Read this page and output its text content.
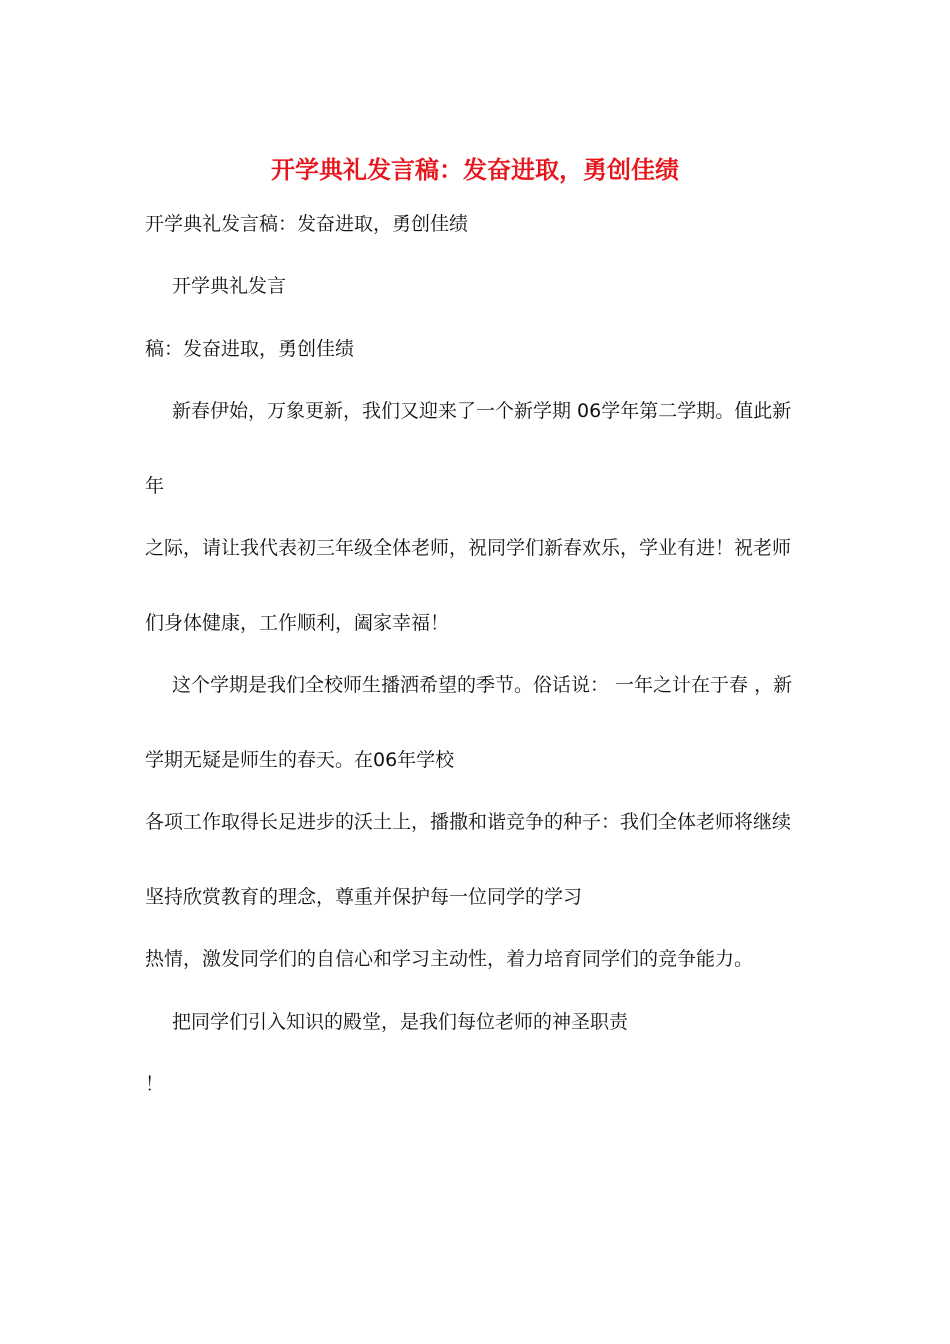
开学典礼发言稿：发奋进取，勇创佳绩
开学典礼发言稿：发奋进取，勇创佳绩
开学典礼发言
稿：发奋进取，勇创佳绩
新春伊始，万象更新，我们又迎来了一个新学期 06学年第二学期。值此新
年
之际，请让我代表初三年级全体老师，祝同学们新春欢乐，学业有进！祝老师
们身体健康，工作顺利，阖家幸福！
这个学期是我们全校师生播洒希望的季节。俗话说： 一年之计在于春 ，新
学期无疑是师生的春天。在06年学校
各项工作取得长足进步的沃土上，播撒和谐竞争的种子：我们全体老师将继续
坚持欣赏教育的理念，尊重并保护每一位同学的学习
热情，激发同学们的自信心和学习主动性，着力培育同学们的竞争能力。
把同学们引入知识的殿堂，是我们每位老师的神圣职责
！
